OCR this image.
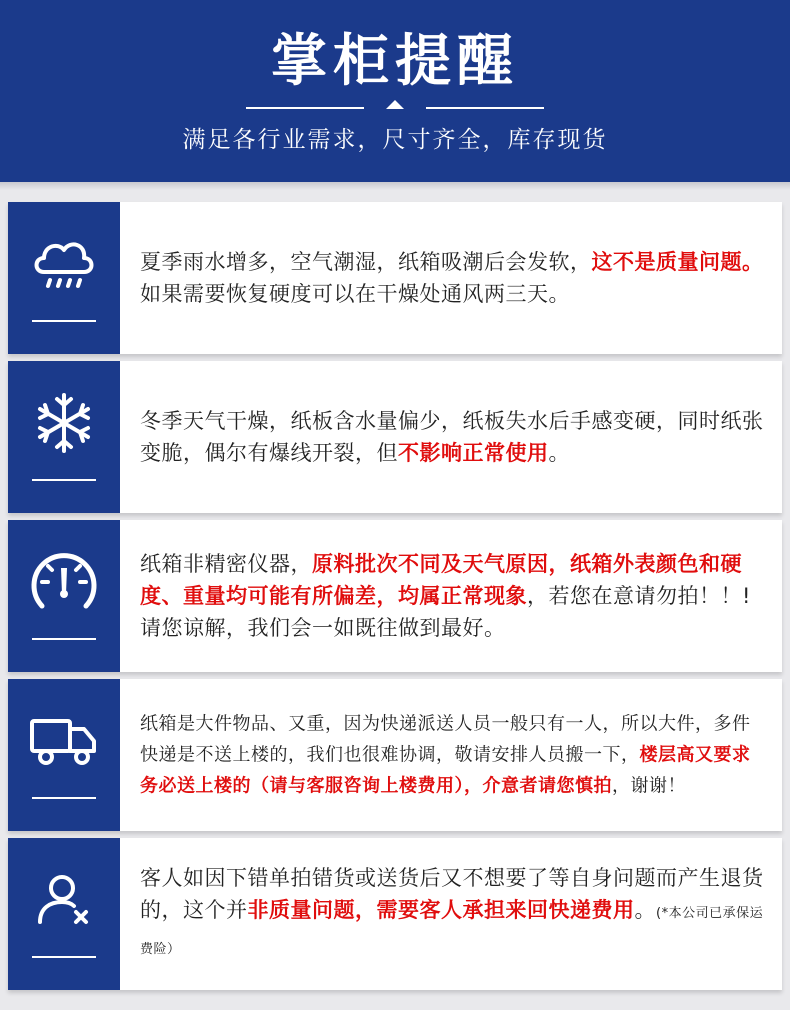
掌柜提醒
满足各行业需求，尺寸齐全，库存现货
夏季雨水增多，空气潮湿，纸箱吸潮后会发软，这不是质量问题。如果需要恢复硬度可以在干燥处通风两三天。
冬季天气干燥，纸板含水量偏少，纸板失水后手感变硬，同时纸张变脆，偶尔有爆线开裂，但不影响正常使用。
纸箱非精密仪器，原料批次不同及天气原因，纸箱外表颜色和硬度、重量均可能有所偏差，均属正常现象，若您在意请勿拍！！!请您谅解，我们会一如既往做到最好。
纸箱是大件物品、又重，因为快递派送人员一般只有一人，所以大件，多件快递是不送上楼的，我们也很难协调，敬请安排人员搬一下，楼层高又要求务必送上楼的（请与客服咨询上楼费用），介意者请您慎拍，谢谢！
客人如因下错单拍错货或送货后又不想要了等自身问题而产生退货的，这个并非质量问题，需要客人承担来回快递费用。(*本公司已承保运费险）
